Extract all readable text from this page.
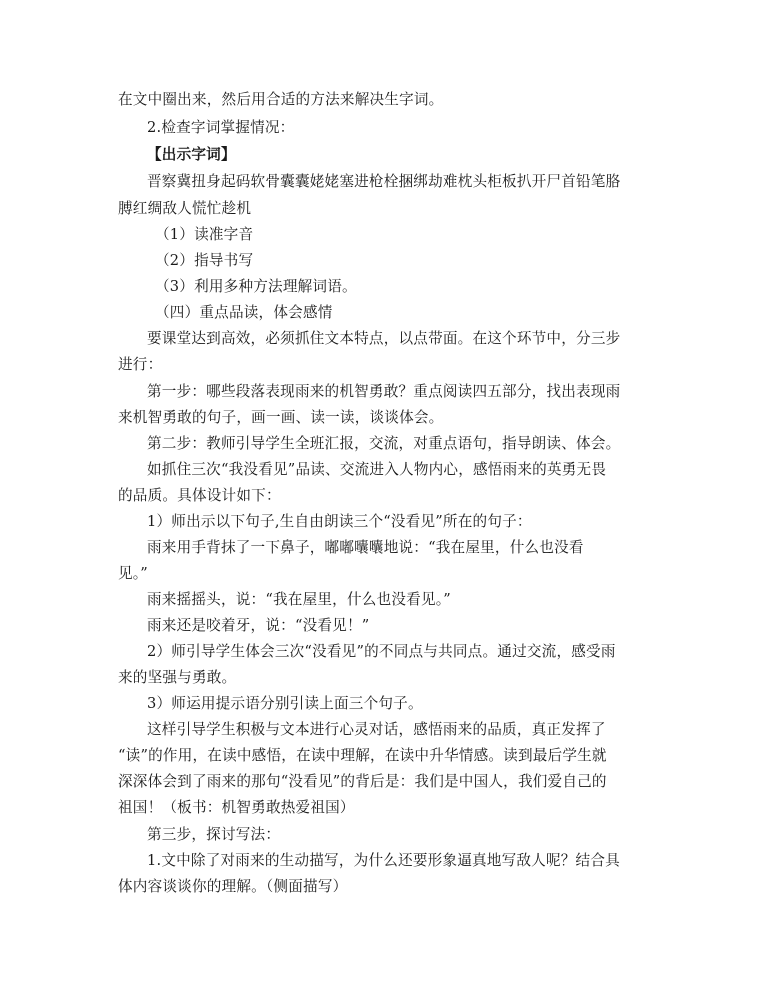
在文中圈出来，然后用合适的方法来解决生字词。
2.检查字词掌握情况：
【出示字词】
晋察冀扭身起码软骨囊囊姥姥塞进枪栓捆绑劫难枕头柜板扒开尸首铅笔胳
膊红绸敌人慌忙趁机
（1）读准字音
（2）指导书写
（3）利用多种方法理解词语。
（四）重点品读，体会感情
要课堂达到高效，必须抓住文本特点，以点带面。在这个环节中，分三步
进行：
第一步：哪些段落表现雨来的机智勇敢？重点阅读四五部分，找出表现雨
来机智勇敢的句子，画一画、读一读，谈谈体会。
第二步：教师引导学生全班汇报，交流，对重点语句，指导朗读、体会。
如抓住三次“我没看见”品读、交流进入人物内心，感悟雨来的英勇无畏
的品质。具体设计如下：
1）师出示以下句子,生自由朗读三个“没看见”所在的句子：
雨来用手背抹了一下鼻子，嘟嘟囔囔地说：“我在屋里，什么也没看
见。”
雨来摇摇头，说：“我在屋里，什么也没看见。”
雨来还是咬着牙，说：“没看见！”
2）师引导学生体会三次“没看见”的不同点与共同点。通过交流，感受雨
来的坚强与勇敢。
3）师运用提示语分别引读上面三个句子。
这样引导学生积极与文本进行心灵对话，感悟雨来的品质，真正发挥了
“读”的作用，在读中感悟，在读中理解，在读中升华情感。读到最后学生就
深深体会到了雨来的那句“没看见”的背后是：我们是中国人，我们爱自己的
祖国！（板书：机智勇敢热爱祖国）
第三步，探讨写法：
1.文中除了对雨来的生动描写，为什么还要形象逼真地写敌人呢？结合具
体内容谈谈你的理解。（侧面描写）
